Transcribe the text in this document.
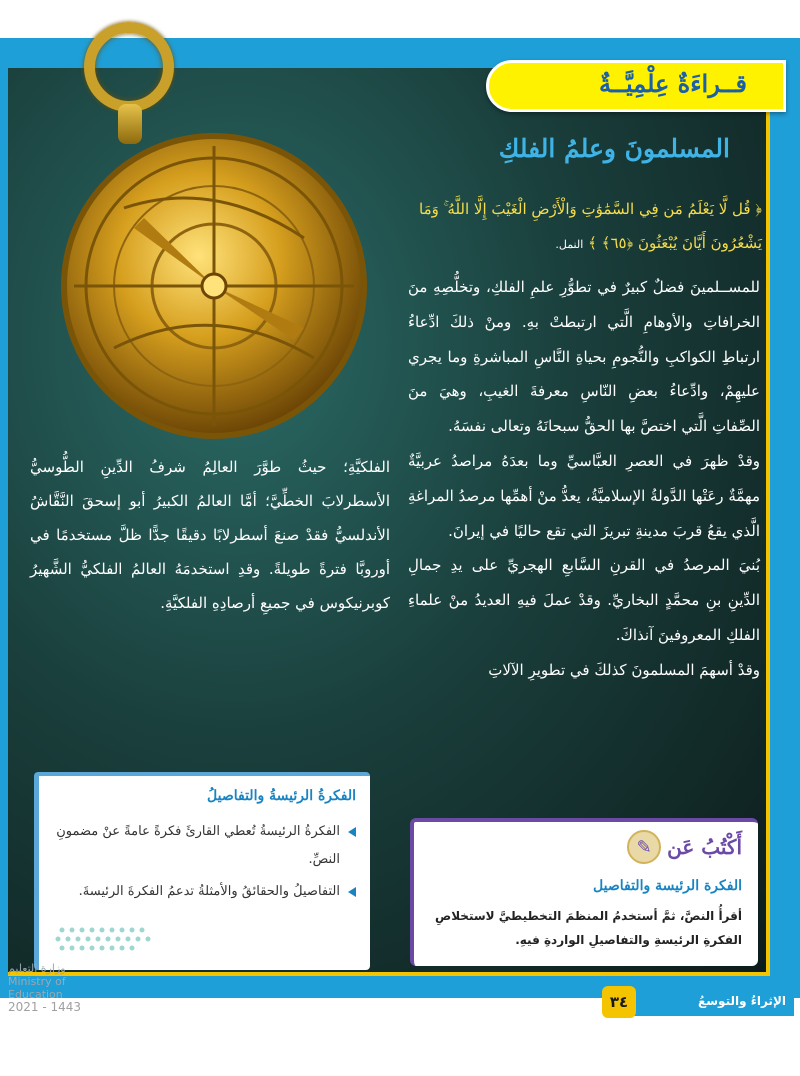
قــراءَةٌ عِلْمِيَّــةٌ
المسلمونَ وعلمُ الفلكِ
﴿ قُل لَّا يَعْلَمُ مَن فِي السَّمَٰوَٰتِ وَالْأَرْضِ الْغَيْبَ إِلَّا اللَّهُ ۚ وَمَا يَشْعُرُونَ أَيَّانَ يُبْعَثُونَ ﴿٦٥﴾ ﴾ النمل.

للمســلمينَ فضلٌ كبيرٌ في تطوُّرِ علمِ الفلكِ، وتخلُّصِهِ منَ الخرافاتِ والأوهامِ الَّتي ارتبطتْ بهِ. ومنْ ذلكَ ادِّعاءُ ارتباطِ الكواكبِ والنُّجومِ بحياةِ النَّاسِ المباشرةِ وما يجري عليهِمْ، وادِّعاءُ بعضِ النّاسِ معرفةَ الغيبِ، وهيَ منَ الصِّفاتِ الَّتي اختصَّ بها الحقُّ سبحانَهُ وتعالى نفسَهُ.

وقدْ ظهرَ في العصرِ العبَّاسيِّ وما بعدَهُ مراصدُ عربيَّةٌ مهمَّةٌ رعَتْها الدَّولةُ الإسلاميَّةُ، يعدُّ منْ أهمِّها مرصدُ المراغةِ الَّذي يقعُ قربَ مدينةِ تبريزَ التي تقع حاليًا في إيرانَ.

بُنيَ المرصدُ في القرنِ السَّابعِ الهجريِّ على يدِ جمالِ الدِّينِ بنِ محمَّدٍ البخاريِّ. وقدْ عملَ فيهِ العديدُ منْ علماءِ الفلكِ المعروفينَ آنذاكَ.

وقدْ أسهمَ المسلمونَ كذلكَ في تطويرِ الآلاتِ

الفلكيَّةِ؛ حيثُ طوَّرَ العالِمُ شرفُ الدِّينِ الطُّوسيُّ الأسطرلابَ الخطِّيَّ؛ أمَّا العالمُ الكبيرُ أبو إسحقَ النَّقَّاشُ الأندلسيُّ فقدْ صنعَ أسطرلابًا دقيقًا جدًّا ظلَّ مستخدمًا في أوروبَّا فترةً طويلةً. وقدِ استخدمَهُ العالمُ الفلكيُّ الشَّهيرُ كوبرنيكوس في جميعِ أرصادِهِ الفلكيَّةِ.
الفكرةُ الرئيسةُ والتفاصيلُ
الفكرةُ الرئيسةُ تُعطي القارئَ فكرةً عامةً عنْ مضمونِ النصِّ.
التفاصيلُ والحقائقُ والأمثلةُ تدعمُ الفكرةَ الرئيسةَ.
✎ أَكْتُبُ عَن
الفكرة الرئيسة والتفاصيل
أقرأُ النصَّ، ثمَّ أستخدمُ المنظمَ التخطيطيَّ لاستخلاصِ الفكرةِ الرئيسةِ والتفاصيلِ الواردةِ فيهِ.
وزارة التعليم
Ministry of Education
2021 - 1443	الإثراءُ والتوسعُ
٣٤
